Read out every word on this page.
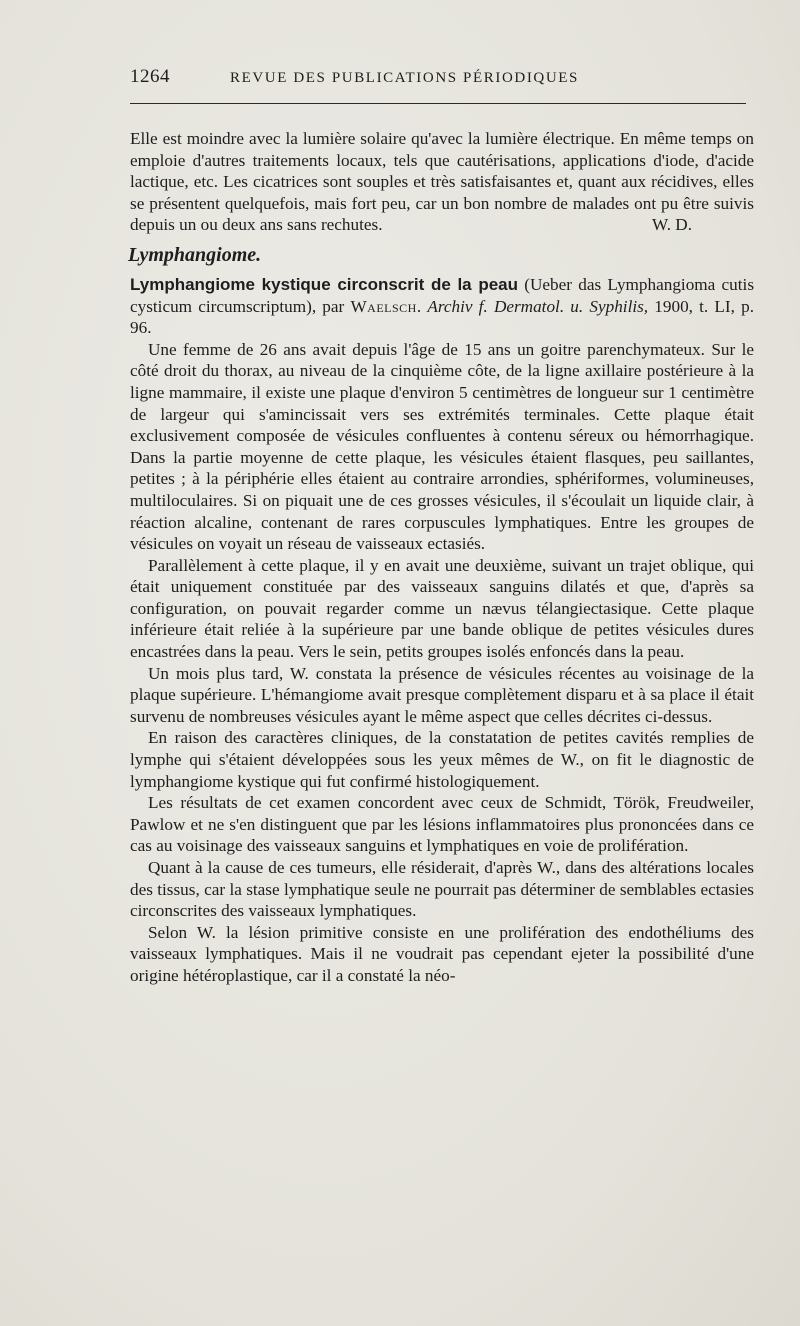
1264	REVUE DES PUBLICATIONS PÉRIODIQUES

Elle est moindre avec la lumière solaire qu'avec la lumière électrique. En même temps on emploie d'autres traitements locaux, tels que cautérisations, applications d'iode, d'acide lactique, etc. Les cicatrices sont souples et très satisfaisantes et, quant aux récidives, elles se présentent quelquefois, mais fort peu, car un bon nombre de malades ont pu être suivis depuis un ou deux ans sans rechutes.	W. D.

Lymphangiome.

Lymphangiome kystique circonscrit de la peau (Ueber das Lymphangioma cutis cysticum circumscriptum), par Waelsch. Archiv f. Dermatol. u. Syphilis, 1900, t. LI, p. 96.

Une femme de 26 ans avait depuis l'âge de 15 ans un goitre parenchymateux. Sur le côté droit du thorax, au niveau de la cinquième côte, de la ligne axillaire postérieure à la ligne mammaire, il existe une plaque d'environ 5 centimètres de longueur sur 1 centimètre de largeur qui s'amincissait vers ses extrémités terminales. Cette plaque était exclusivement composée de vésicules confluentes à contenu séreux ou hémorrhagique. Dans la partie moyenne de cette plaque, les vésicules étaient flasques, peu saillantes, petites ; à la périphérie elles étaient au contraire arrondies, sphériformes, volumineuses, multiloculaires. Si on piquait une de ces grosses vésicules, il s'écoulait un liquide clair, à réaction alcaline, contenant de rares corpuscules lymphatiques. Entre les groupes de vésicules on voyait un réseau de vaisseaux ectasiés.

Parallèlement à cette plaque, il y en avait une deuxième, suivant un trajet oblique, qui était uniquement constituée par des vaisseaux sanguins dilatés et que, d'après sa configuration, on pouvait regarder comme un nævus télangiectasique. Cette plaque inférieure était reliée à la supérieure par une bande oblique de petites vésicules dures encastrées dans la peau. Vers le sein, petits groupes isolés enfoncés dans la peau.

Un mois plus tard, W. constata la présence de vésicules récentes au voisinage de la plaque supérieure. L'hémangiome avait presque complètement disparu et à sa place il était survenu de nombreuses vésicules ayant le même aspect que celles décrites ci-dessus.

En raison des caractères cliniques, de la constatation de petites cavités remplies de lymphe qui s'étaient développées sous les yeux mêmes de W., on fit le diagnostic de lymphangiome kystique qui fut confirmé histologiquement.

Les résultats de cet examen concordent avec ceux de Schmidt, Török, Freudweiler, Pawlow et ne s'en distinguent que par les lésions inflammatoires plus prononcées dans ce cas au voisinage des vaisseaux sanguins et lymphatiques en voie de prolifération.

Quant à la cause de ces tumeurs, elle résiderait, d'après W., dans des altérations locales des tissus, car la stase lymphatique seule ne pourrait pas déterminer de semblables ectasies circonscrites des vaisseaux lymphatiques.

Selon W. la lésion primitive consiste en une prolifération des endothéliums des vaisseaux lymphatiques. Mais il ne voudrait pas cependant ejeter la possibilité d'une origine hétéroplastique, car il a constaté la néo-
